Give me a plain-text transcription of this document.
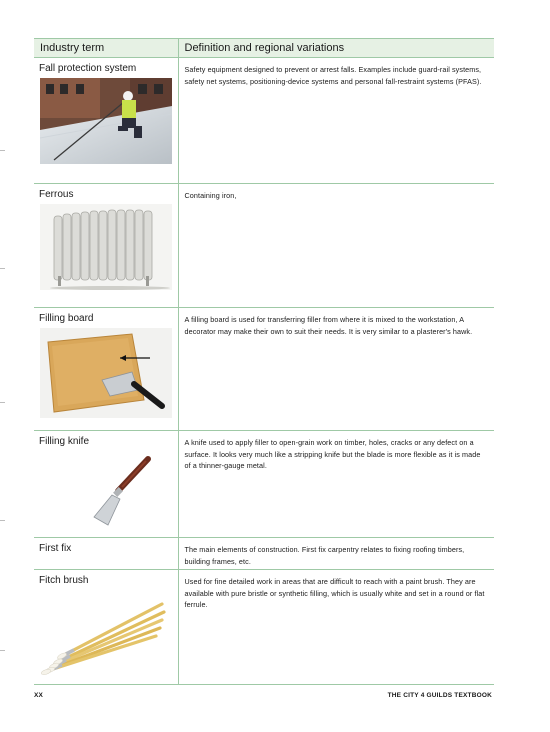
Industry term	Definition and regional variations

Fall protection system	Safety equipment designed to prevent or arrest falls. Examples include guard-rail systems, safety net systems, positioning-device systems and personal fall-restraint systems (PFAS).

Ferrous	Containing iron,

Filling board	A filling board is used for transferring filler from where it is mixed to the workstation, A decorator may make their own to suit their needs. It is very similar to a plasterer's hawk.

Filling knife	A knife used to apply filler to open-grain work on timber, holes, cracks or any defect on a surface. It looks very much like a stripping knife but the blade is more flexible as it is made of a thinner-gauge metal.

First fix	The main elements of construction. First fix carpentry relates to fixing roofing timbers, building frames, etc.

Fitch brush	Used for fine detailed work in areas that are difficult to reach with a paint brush. They are available with pure bristle or synthetic filling, which is usually white and set in a round or flat ferrule.
XX	THE CITY 4 GUILDS TEXTBOOK
